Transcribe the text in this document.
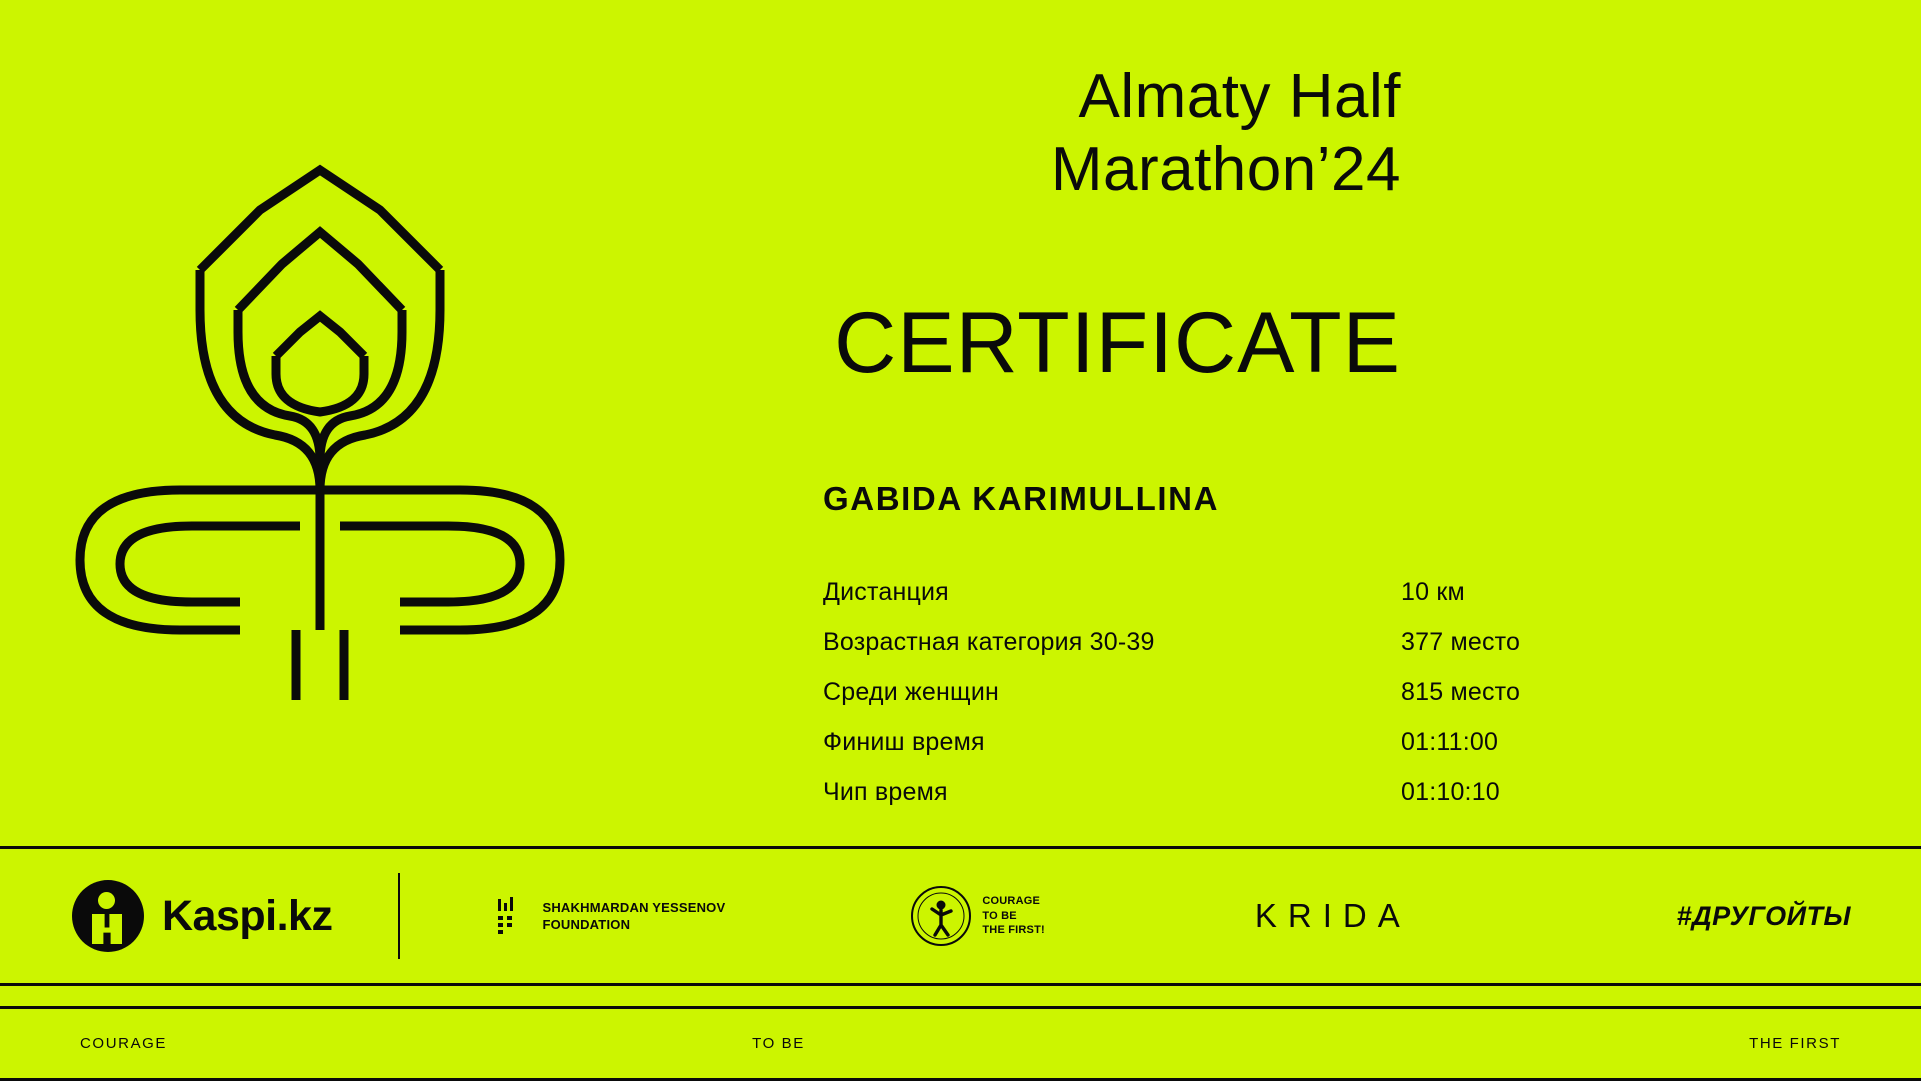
Almaty Half
Marathon’24
CERTIFICATE
GABIDA KARIMULLINA
Дистанция	10 км
Возрастная категория 30-39	377 место
Среди женщин	815 место
Финиш время	01:11:00
Чип время	01:10:10
Kaspi.kz	SHAKHMARDAN YESSENOV
FOUNDATION
COURAGE
TO BE
THE FIRST!	KRIDA	#ДРУГОЙТЫ
COURAGE	TO BE	THE FIRST
